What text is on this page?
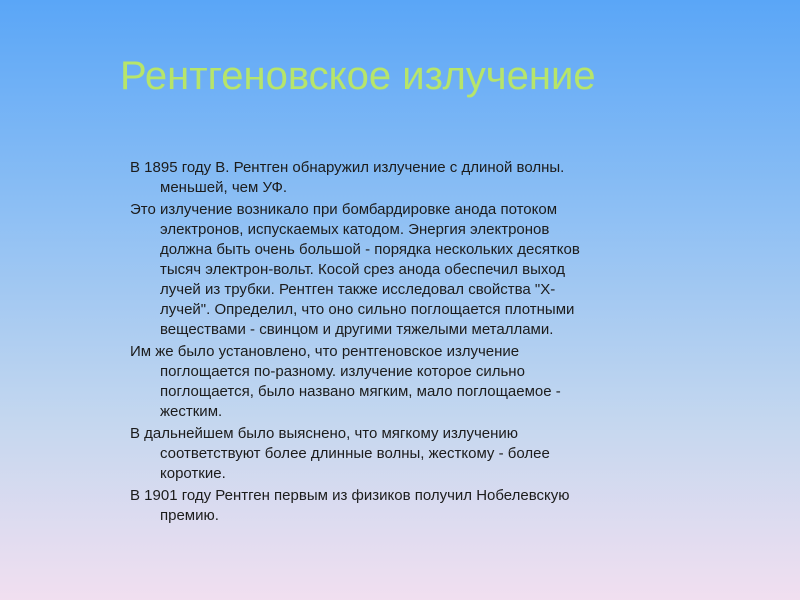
Рентгеновское излучение

В 1895 году В. Рентген обнаружил излучение с длиной волны. меньшей, чем УФ.

Это излучение возникало при бомбардировке анода потоком электронов, испускаемых катодом. Энергия электронов должна быть очень большой - порядка нескольких десятков тысяч электрон-вольт. Косой срез анода обеспечил выход лучей из трубки. Рентген также исследовал свойства "Х-лучей". Определил, что оно сильно поглощается плотными веществами - свинцом и другими тяжелыми металлами.

Им же было установлено, что рентгеновское излучение поглощается по-разному. излучение которое сильно поглощается, было названо мягким, мало поглощаемое - жестким.

В дальнейшем было выяснено, что мягкому излучению соответствуют более длинные волны, жесткому - более короткие.

В 1901 году Рентген первым из физиков получил Нобелевскую премию.
